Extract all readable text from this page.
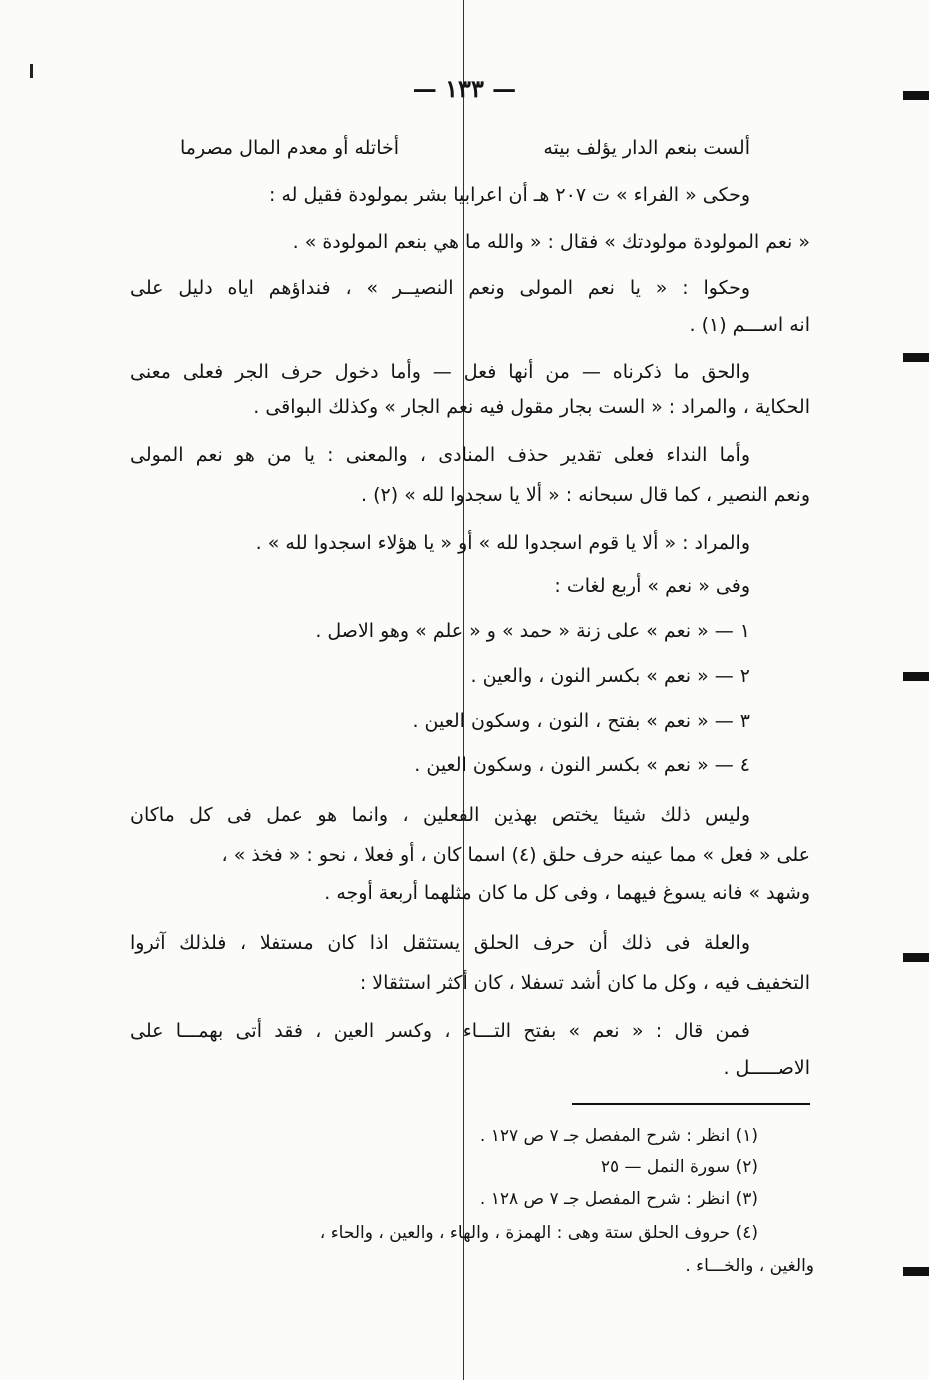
— ١٣٣ —
ألست بنعم الدار يؤلف بيته
أخاتله أو معدم المال مصرما
وحكى « الفراء » ت ٢٠٧ هـ أن اعرابيا بشر بمولودة فقيل له :
« نعم المولودة مولودتك » فقال : « والله ما هي بنعم المولودة » .
وحكوا : « يا نعم المولى ونعم النصيــر » ، فنداؤهم اياه دليل على
انه اســـم (١) .
والحق ما ذكرناه — من أنها فعل — وأما دخول حرف الجر فعلى معنى
الحكاية ، والمراد : « الست بجار مقول فيه نعم الجار » وكذلك البواقى .
وأما النداء فعلى تقدير حذف المنادى ، والمعنى : يا من هو نعم المولى
ونعم النصير ، كما قال سبحانه : « ألا يا سجدوا لله » (٢) .
والمراد : « ألا يا قوم اسجدوا لله » أو « يا هؤلاء اسجدوا لله » .
وفى « نعم » أربع لغات :
١ — « نعم » على زنة « حمد » و « علم » وهو الاصل .
٢ — « نعم » بكسر النون ، والعين .
٣ — « نعم » بفتح ، النون ، وسكون العين .
٤ — « نعم » بكسر النون ، وسكون العين .
وليس ذلك شيئا يختص بهذين الفعلين ، وانما هو عمل فى كل ماكان
على « فعل » مما عينه حرف حلق (٤) اسما كان ، أو فعلا ، نحو : « فخذ » ،
وشهد » فانه يسوغ فيهما ، وفى كل ما كان مثلهما أربعة أوجه .
والعلة فى ذلك أن حرف الحلق يستثقل اذا كان مستفلا ، فلذلك آثروا
التخفيف فيه ، وكل ما كان أشد تسفلا ، كان أكثر استثقالا :
فمن قال : « نعم » بفتح التـــاء ، وكسر العين ، فقد أتى بهمـــا على
الاصـــــل .
(١) انظر : شرح المفصل جـ ٧ ص ١٢٧ .
(٢) سورة النمل — ٢٥
(٣) انظر : شرح المفصل جـ ٧ ص ١٢٨ .
(٤) حروف الحلق ستة وهى : الهمزة ، والهاء ، والعين ، والحاء ،
والغين ، والخـــاء .
